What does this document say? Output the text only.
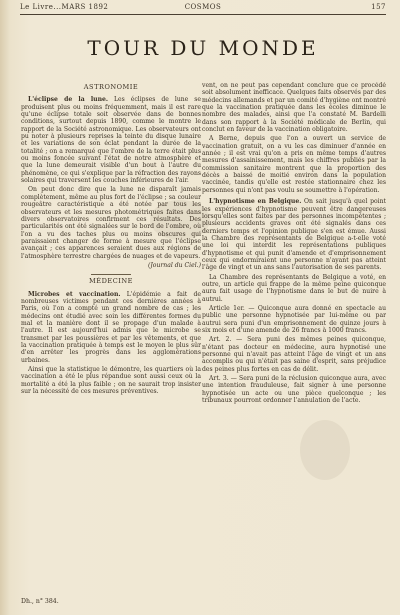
Le Livre...MARS 1892	COSMOS	157
TOUR DU MONDE
ASTRONOMIE

L'éclipse de la lune. Les éclipses de lune se produisent plus ou moins fréquemment, mais il est rare qu'une éclipse totale soit observée dans de bonnes conditions, surtout depuis 1890, comme le montre le rapport de la Société astronomique. Les observateurs ont pu noter à plusieurs reprises la teinte du disque lunaire et les variations de son éclat pendant la durée de la totalité ; on a remarqué que l'ombre de la terre était plus ou moins foncée suivant l'état de notre atmosphère et que la lune demeurait visible d'un bout à l'autre du phénomène, ce qui s'explique par la réfraction des rayons solaires qui traversent les couches inférieures de l'air.

On peut donc dire que la lune ne disparaît jamais complètement, même au plus fort de l'éclipse ; sa couleur rougeâtre caractéristique a été notée par tous les observateurs et les mesures photométriques faites dans divers observatoires confirment ces résultats. Des particularités ont été signalées sur le bord de l'ombre, où l'on a vu des taches plus ou moins obscures qui paraissaient changer de forme à mesure que l'éclipse avançait ; ces apparences seraient dues aux régions de l'atmosphère terrestre chargées de nuages et de vapeurs.

(Journal du Ciel.)
MÉDECINE

Microbes et vaccination. L'épidémie a fait de nombreuses victimes pendant ces dernières années à Paris, où l'on a compté un grand nombre de cas ; les médecins ont étudié avec soin les différentes formes du mal et la manière dont il se propage d'un malade à l'autre. Il est aujourd'hui admis que le microbe se transmet par les poussières et par les vêtements, et que la vaccination pratiquée à temps est le moyen le plus sûr d'en arrêter les progrès dans les agglomérations urbaines.

Ainsi que la statistique le démontre, les quartiers où la vaccination a été le plus répandue sont aussi ceux où la mortalité a été la plus faible ; on ne saurait trop insister sur la nécessité de ces mesures préventives.

vent, on ne peut pas cependant conclure que ce procédé soit absolument inefficace. Quelques faits observés par des médecins allemands et par un comité d'hygiène ont montré que la vaccination pratiquée dans les écoles diminue le nombre des malades, ainsi que l'a constaté M. Bardelli dans son rapport à la Société médicale de Berlin, qui conclut en faveur de la vaccination obligatoire.

A Berne, depuis que l'on a ouvert un service de vaccination gratuit, on a vu les cas diminuer d'année en année ; il est vrai qu'on a pris en même temps d'autres mesures d'assainissement, mais les chiffres publiés par la commission sanitaire montrent que la proportion des décès a baissé de moitié environ dans la population vaccinée, tandis qu'elle est restée stationnaire chez les personnes qui n'ont pas voulu se soumettre à l'opération.

L'hypnotisme en Belgique. On sait jusqu'à quel point les expériences d'hypnotisme peuvent être dangereuses lorsqu'elles sont faites par des personnes incompétentes ; plusieurs accidents graves ont été signalés dans ces derniers temps et l'opinion publique s'en est émue. Aussi la Chambre des représentants de Belgique a-t-elle voté une loi qui interdit les représentations publiques d'hypnotisme et qui punit d'amende et d'emprisonnement ceux qui endormiraient une personne n'ayant pas atteint l'âge de vingt et un ans sans l'autorisation de ses parents.

La Chambre des représentants de Belgique a voté, en outre, un article qui frappe de la même peine quiconque aura fait usage de l'hypnotisme dans le but de nuire à autrui.

Article 1er. — Quiconque aura donné en spectacle au public une personne hypnotisée par lui-même ou par autrui sera puni d'un emprisonnement de quinze jours à six mois et d'une amende de 26 francs à 1000 francs.

Art. 2. — Sera puni des mêmes peines quiconque, n'étant pas docteur en médecine, aura hypnotisé une personne qui n'avait pas atteint l'âge de vingt et un ans accomplis ou qui n'était pas saine d'esprit, sans préjudice des peines plus fortes en cas de délit.

Art. 3. — Sera puni de la réclusion quiconque aura, avec une intention frauduleuse, fait signer à une personne hypnotisée un acte ou une pièce quelconque ; les tribunaux pourront ordonner l'annulation de l'acte.

Dh., n° 384.
